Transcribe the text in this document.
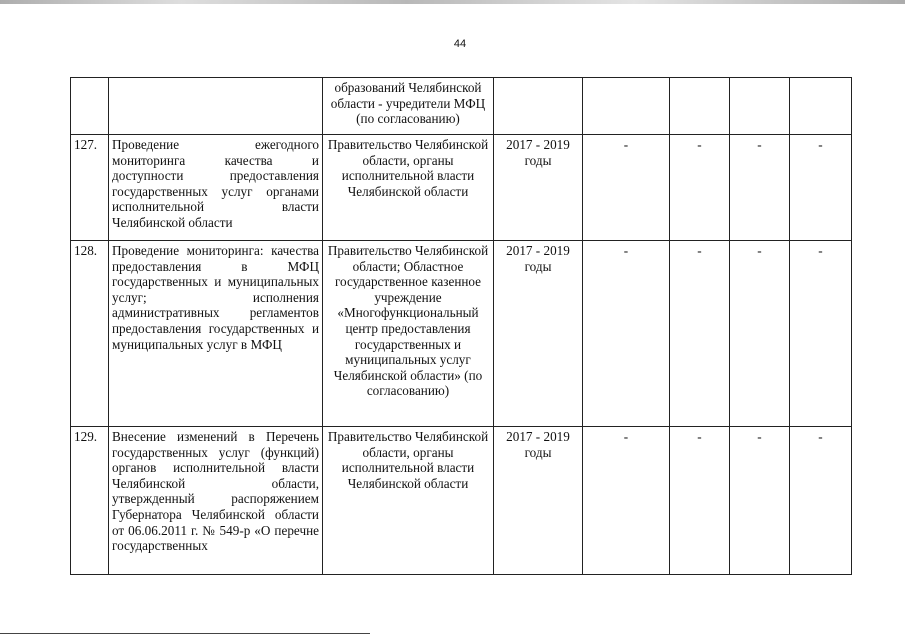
44
		образований Челябинской области - учредители МФЦ (по согласованию)					
127.	Проведение ежегодного мониторинга качества и доступности предоставления государственных услуг органами исполнительной власти Челябинской области	Правительство Челябинской области, органы исполнительной власти Челябинской области	2017 - 2019 годы	-	-	-	-
128.	Проведение мониторинга: качества предоставления в МФЦ государственных и муниципальных услуг; исполнения административных регламентов предоставления государственных и муниципальных услуг в МФЦ	Правительство Челябинской области; Областное государственное казенное учреждение «Многофункциональный центр предоставления государственных и муниципальных услуг Челябинской области» (по согласованию)	2017 - 2019 годы	-	-	-	-
129.	Внесение изменений в Перечень государственных услуг (функций) органов исполнительной власти Челябинской области, утвержденный распоряжением Губернатора Челябинской области от 06.06.2011 г. № 549-р «О перечне государственных	Правительство Челябинской области, органы исполнительной власти Челябинской области	2017 - 2019 годы	-	-	-	-
